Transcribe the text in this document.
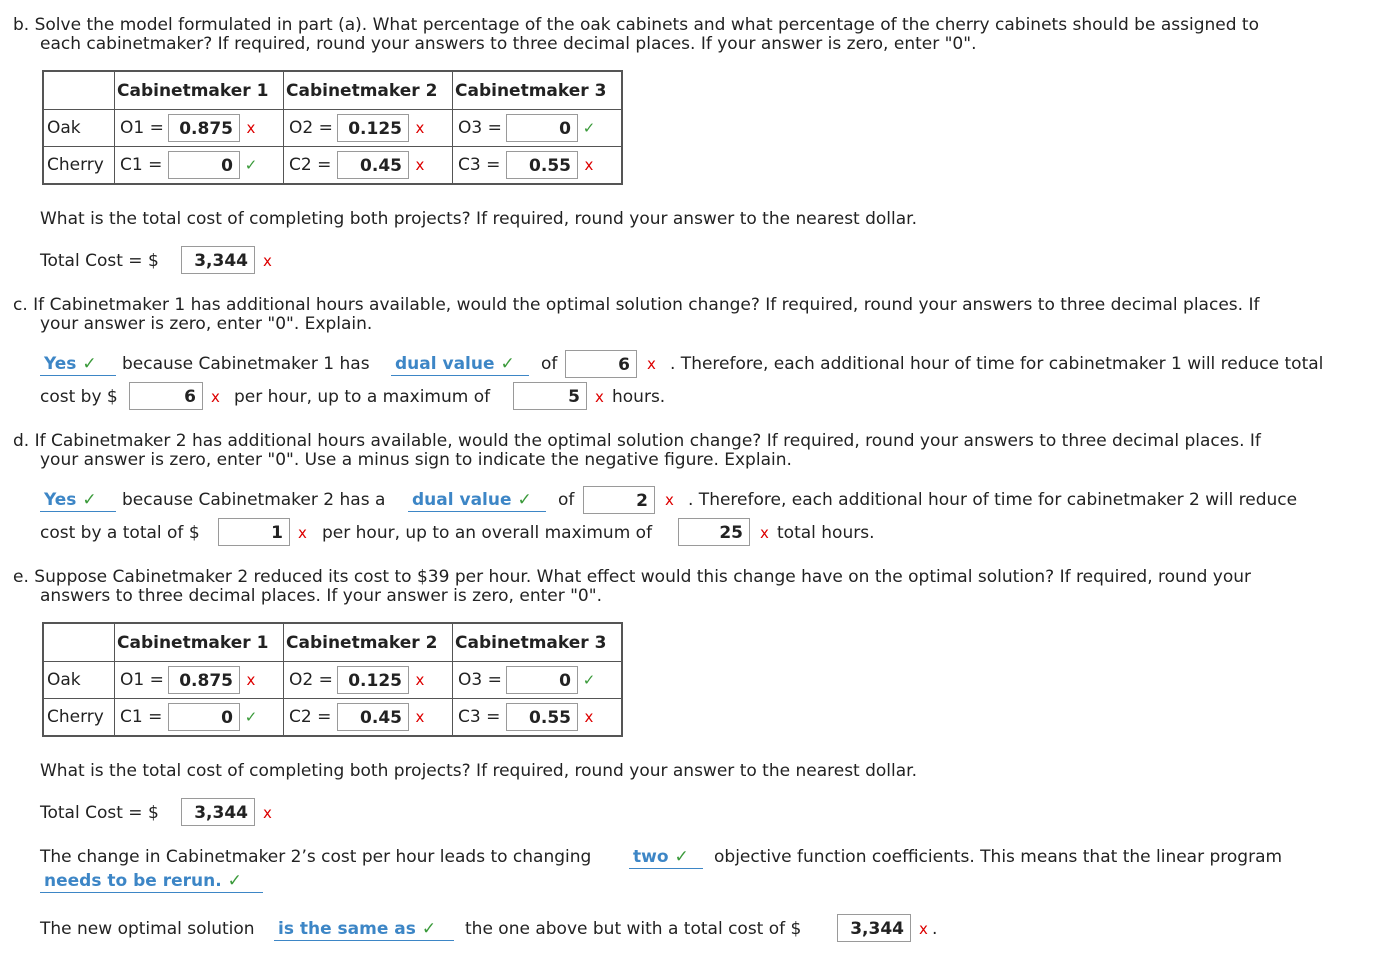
b. Solve the model formulated in part (a). What percentage of the oak cabinets and what percentage of the cherry cabinets should be assigned to
each cabinetmaker? If required, round your answers to three decimal places. If your answer is zero, enter "0".
	Cabinetmaker 1	Cabinetmaker 2	Cabinetmaker 3
Oak	O1 = 0.875 x	O2 = 0.125 x	O3 = 0 ✓

Cherry	C1 = 0 ✓	C2 = 0.45 x	C3 = 0.55 x
What is the total cost of completing both projects? If required, round your answer to the nearest dollar.
Total Cost = $	3,344	x
c. If Cabinetmaker 1 has additional hours available, would the optimal solution change? If required, round your answers to three decimal places. If
your answer is zero, enter "0". Explain.
Yes ✓	because Cabinetmaker 1 has dual value ✓	of	6	x . Therefore, each additional hour of time for cabinetmaker 1 will reduce total
cost by $	6	x per hour, up to a maximum of	5	x hours.
d. If Cabinetmaker 2 has additional hours available, would the optimal solution change? If required, round your answers to three decimal places. If
your answer is zero, enter "0". Use a minus sign to indicate the negative figure. Explain.
Yes ✓	because Cabinetmaker 2 has a dual value ✓	of	2	x . Therefore, each additional hour of time for cabinetmaker 2 will reduce
cost by a total of $	1	x per hour, up to an overall maximum of	25	x total hours.
e. Suppose Cabinetmaker 2 reduced its cost to $39 per hour. What effect would this change have on the optimal solution? If required, round your
answers to three decimal places. If your answer is zero, enter "0".
	Cabinetmaker 1	Cabinetmaker 2	Cabinetmaker 3
Oak	O1 = 0.875 x	O2 = 0.125 x	O3 = 0 ✓

Cherry	C1 = 0 ✓	C2 = 0.45 x	C3 = 0.55 x
What is the total cost of completing both projects? If required, round your answer to the nearest dollar.
Total Cost = $	3,344	x
The change in Cabinetmaker 2’s cost per hour leads to changing two ✓	objective function coefficients. This means that the linear program
needs to be rerun. ✓
The new optimal solution is the same as ✓	the one above but with a total cost of $	3,344	x .
